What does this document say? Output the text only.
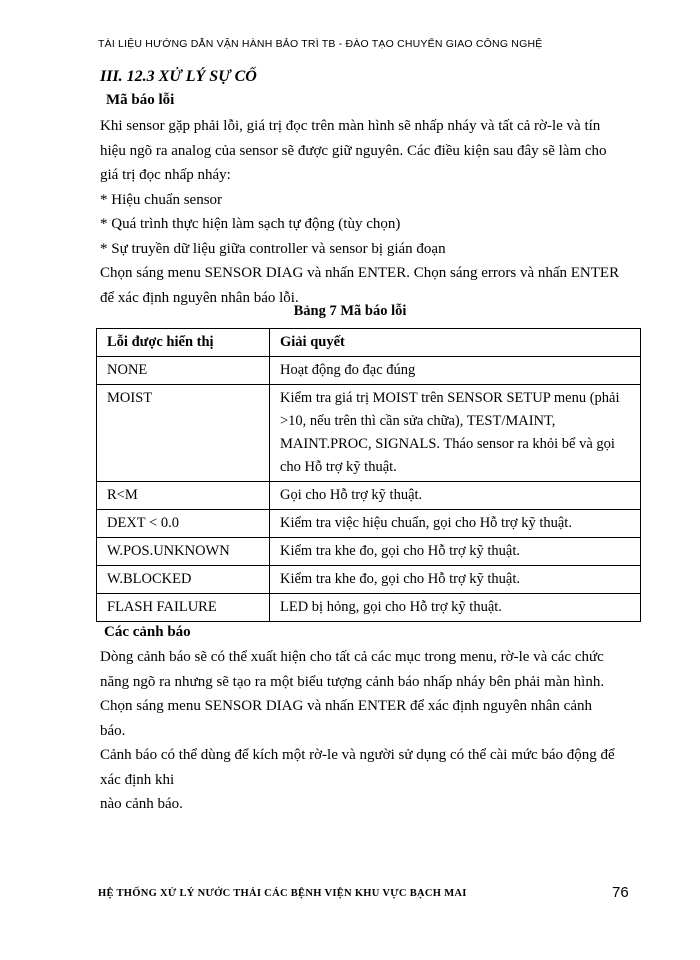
TÀI LIỆU HƯỚNG DẪN VẬN HÀNH BẢO TRÌ TB - ĐÀO TẠO CHUYỂN GIAO CÔNG NGHỆ
III. 12.3 XỬ LÝ SỰ CỐ
Mã báo lỗi

Khi sensor gặp phải lỗi, giá trị đọc trên màn hình sẽ nhấp nháy và tất cả rờ-le và tín hiệu ngõ ra analog của sensor sẽ được giữ nguyên. Các điều kiện sau đây sẽ làm cho giá trị đọc nhấp nháy:

* Hiệu chuẩn sensor

* Quá trình thực hiện làm sạch tự động (tùy chọn)

* Sự truyền dữ liệu giữa controller và sensor bị gián đoạn

Chọn sáng menu SENSOR DIAG và nhấn ENTER. Chọn sáng errors và nhấn ENTER để xác định nguyên nhân báo lỗi.

Bảng 7 Mã báo lỗi
Lỗi được hiển thị	Giải quyết
NONE	Hoạt động đo đạc đúng
MOIST	Kiểm tra giá trị MOIST trên SENSOR SETUP menu (phải >10, nếu trên thì cần sửa chữa), TEST/MAINT, MAINT.PROC, SIGNALS. Tháo sensor ra khỏi bể và gọi cho Hỗ trợ kỹ thuật.
R<M	Gọi cho Hỗ trợ kỹ thuật.
DEXT < 0.0	Kiểm tra việc hiệu chuẩn, gọi cho Hỗ trợ kỹ thuật.
W.POS.UNKNOWN	Kiểm tra khe đo, gọi cho Hỗ trợ kỹ thuật.
W.BLOCKED	Kiểm tra khe đo, gọi cho Hỗ trợ kỹ thuật.
FLASH FAILURE	LED bị hỏng, gọi cho Hỗ trợ kỹ thuật.
Các cảnh báo

Dòng cảnh báo sẽ có thể xuất hiện cho tất cả các mục trong menu, rờ-le và các chức năng ngõ ra nhưng sẽ tạo ra một biểu tượng cảnh báo nhấp nháy bên phải màn hình. Chọn sáng menu SENSOR DIAG và nhấn ENTER để xác định nguyên nhân cảnh báo.

Cảnh báo có thể dùng để kích một rờ-le và người sử dụng có thể cài mức báo động để xác định khi

nào cảnh báo.

HỆ THỐNG XỬ LÝ NƯỚC THẢI CÁC BỆNH VIỆN KHU VỰC BẠCH MAI	76
